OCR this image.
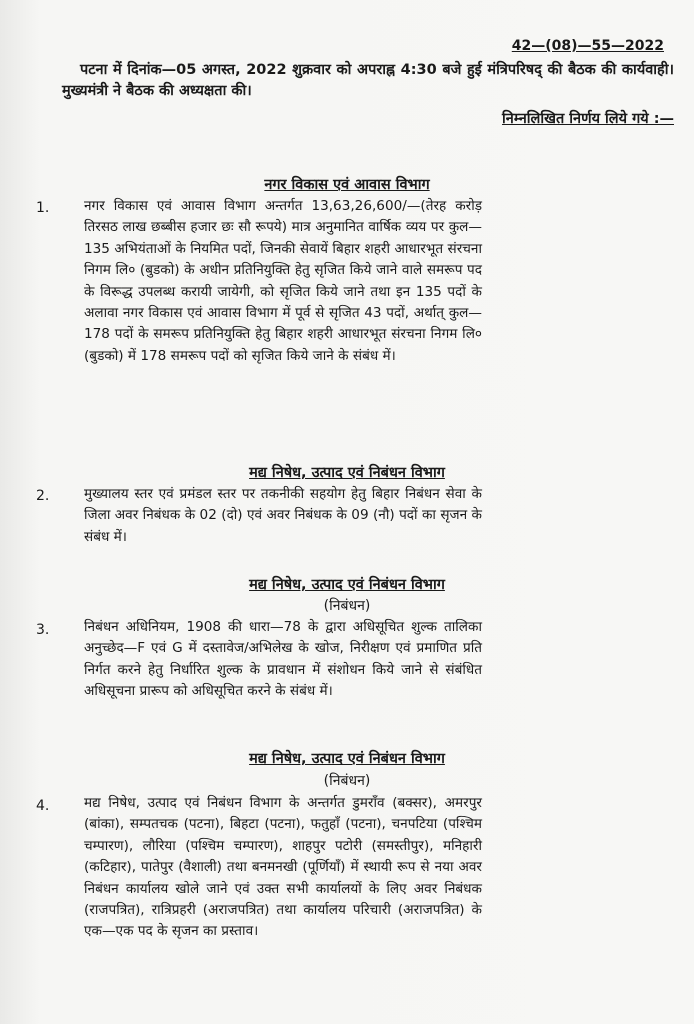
42—(08)—55—2022
पटना में दिनांक—05 अगस्त, 2022 शुक्रवार को अपराह्न 4:30 बजे हुई मंत्रिपरिषद् की बैठक की कार्यवाही। मुख्यमंत्री ने बैठक की अध्यक्षता की।
निम्नलिखित निर्णय लिये गये :—
नगर विकास एवं आवास विभाग
1.	नगर विकास एवं आवास विभाग अन्तर्गत 13,63,26,600/—(तेरह करोड़ तिरसठ लाख छब्बीस हजार छः सौ रूपये) मात्र अनुमानित वार्षिक व्यय पर कुल—135 अभियंताओं के नियमित पदों, जिनकी सेवायें बिहार शहरी आधारभूत संरचना निगम लि० (बुडको) के अधीन प्रतिनियुक्ति हेतु सृजित किये जाने वाले समरूप पद के विरूद्ध उपलब्ध करायी जायेगी, को सृजित किये जाने तथा इन 135 पदों के अलावा नगर विकास एवं आवास विभाग में पूर्व से सृजित 43 पदों, अर्थात् कुल—178 पदों के समरूप प्रतिनियुक्ति हेतु बिहार शहरी आधारभूत संरचना निगम लि० (बुडको) में 178 समरूप पदों को सृजित किये जाने के संबंध में।
मद्य निषेध, उत्पाद एवं निबंधन विभाग
2.	मुख्यालय स्तर एवं प्रमंडल स्तर पर तकनीकी सहयोग हेतु बिहार निबंधन सेवा के जिला अवर निबंधक के 02 (दो) एवं अवर निबंधक के 09 (नौ) पदों का सृजन के संबंध में।
मद्य निषेध, उत्पाद एवं निबंधन विभाग
(निबंधन)
3.	निबंधन अधिनियम, 1908 की धारा—78 के द्वारा अधिसूचित शुल्क तालिका अनुच्छेद—F एवं G में दस्तावेज/अभिलेख के खोज, निरीक्षण एवं प्रमाणित प्रति निर्गत करने हेतु निर्धारित शुल्क के प्रावधान में संशोधन किये जाने से संबंधित अधिसूचना प्रारूप को अधिसूचित करने के संबंध में।
मद्य निषेध, उत्पाद एवं निबंधन विभाग
(निबंधन)
4.	मद्य निषेध, उत्पाद एवं निबंधन विभाग के अन्तर्गत डुमराँव (बक्सर), अमरपुर (बांका), सम्पतचक (पटना), बिहटा (पटना), फतुहाँ (पटना), चनपटिया (पश्चिम चम्पारण), लौरिया (पश्चिम चम्पारण), शाहपुर पटोरी (समस्तीपुर), मनिहारी (कटिहार), पातेपुर (वैशाली) तथा बनमनखी (पूर्णियाँ) में स्थायी रूप से नया अवर निबंधन कार्यालय खोले जाने एवं उक्त सभी कार्यालयों के लिए अवर निबंधक (राजपत्रित), रात्रिप्रहरी (अराजपत्रित) तथा कार्यालय परिचारी (अराजपत्रित) के एक—एक पद के सृजन का प्रस्ताव।
